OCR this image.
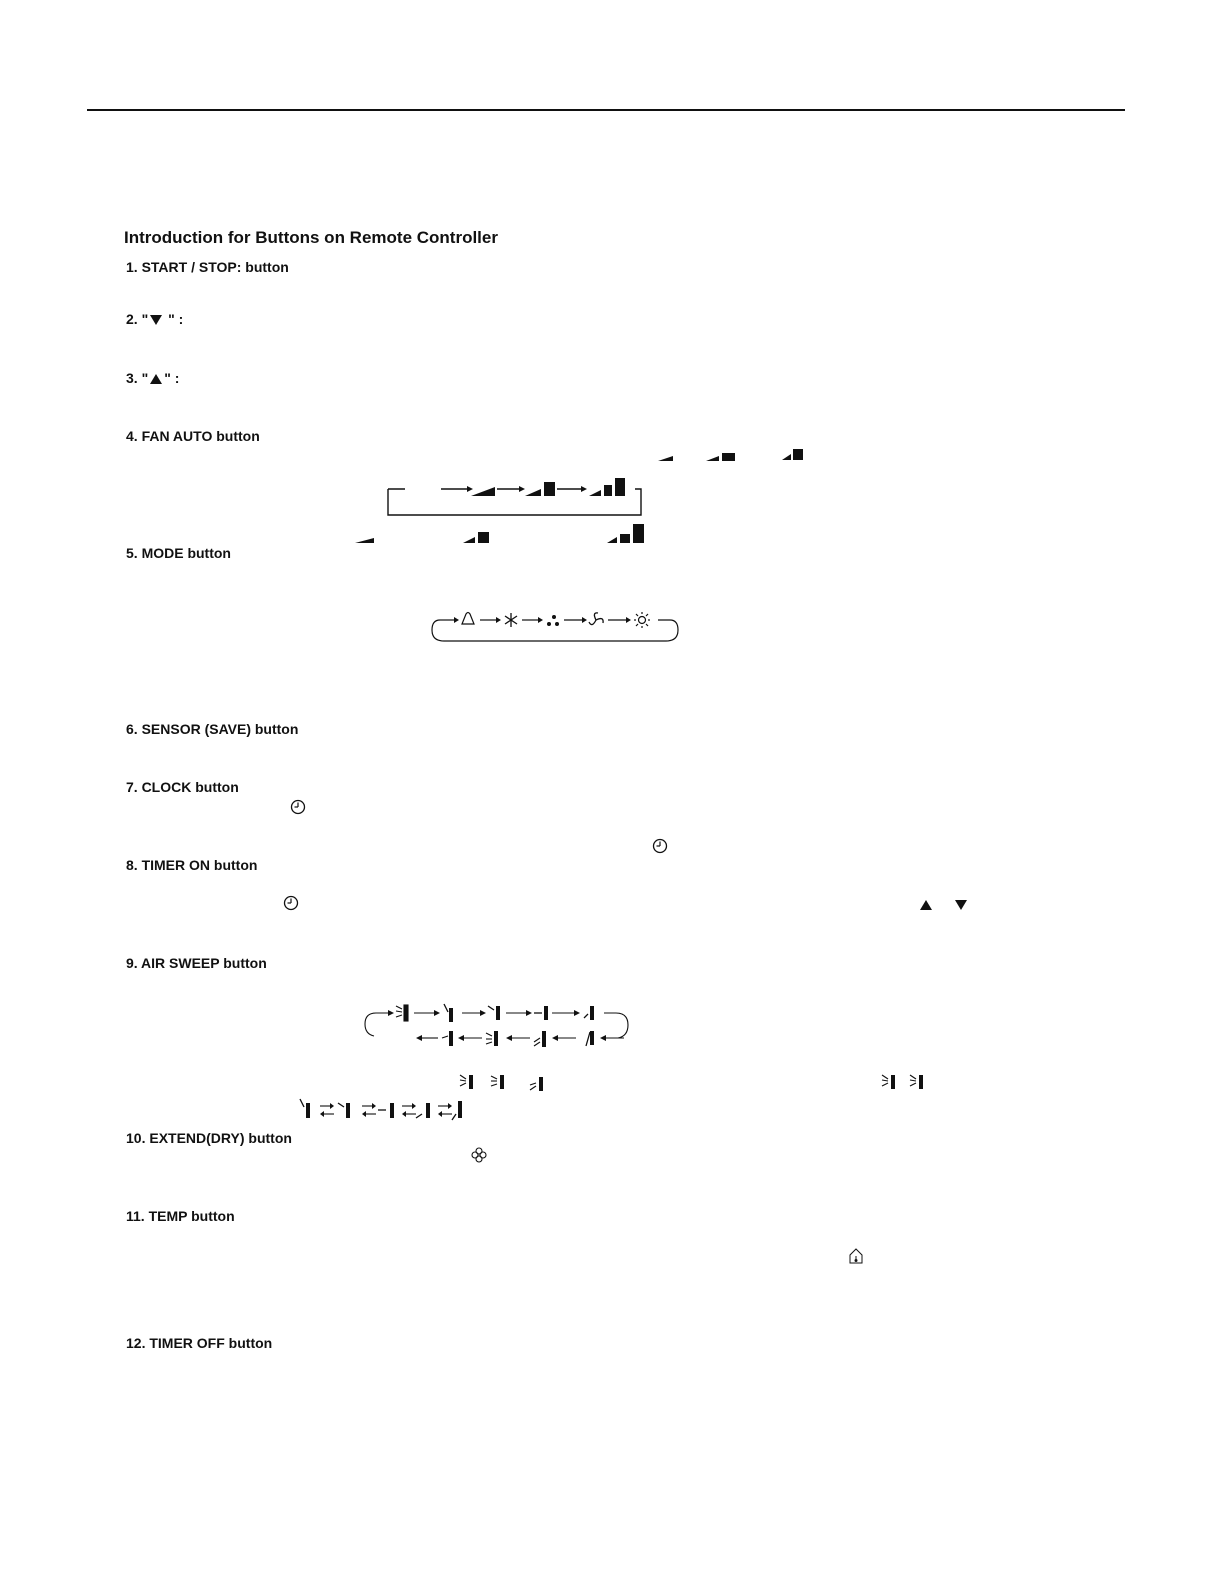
Introduction for Buttons on Remote Controller
1. START / STOP: button
2. "
" :
3. " " :
4. FAN AUTO button
5. MODE button
6. SENSOR (SAVE) button
7. CLOCK button
8. TIMER ON button
9. AIR SWEEP button
10. EXTEND(DRY) button
11. TEMP button
12. TIMER OFF button
